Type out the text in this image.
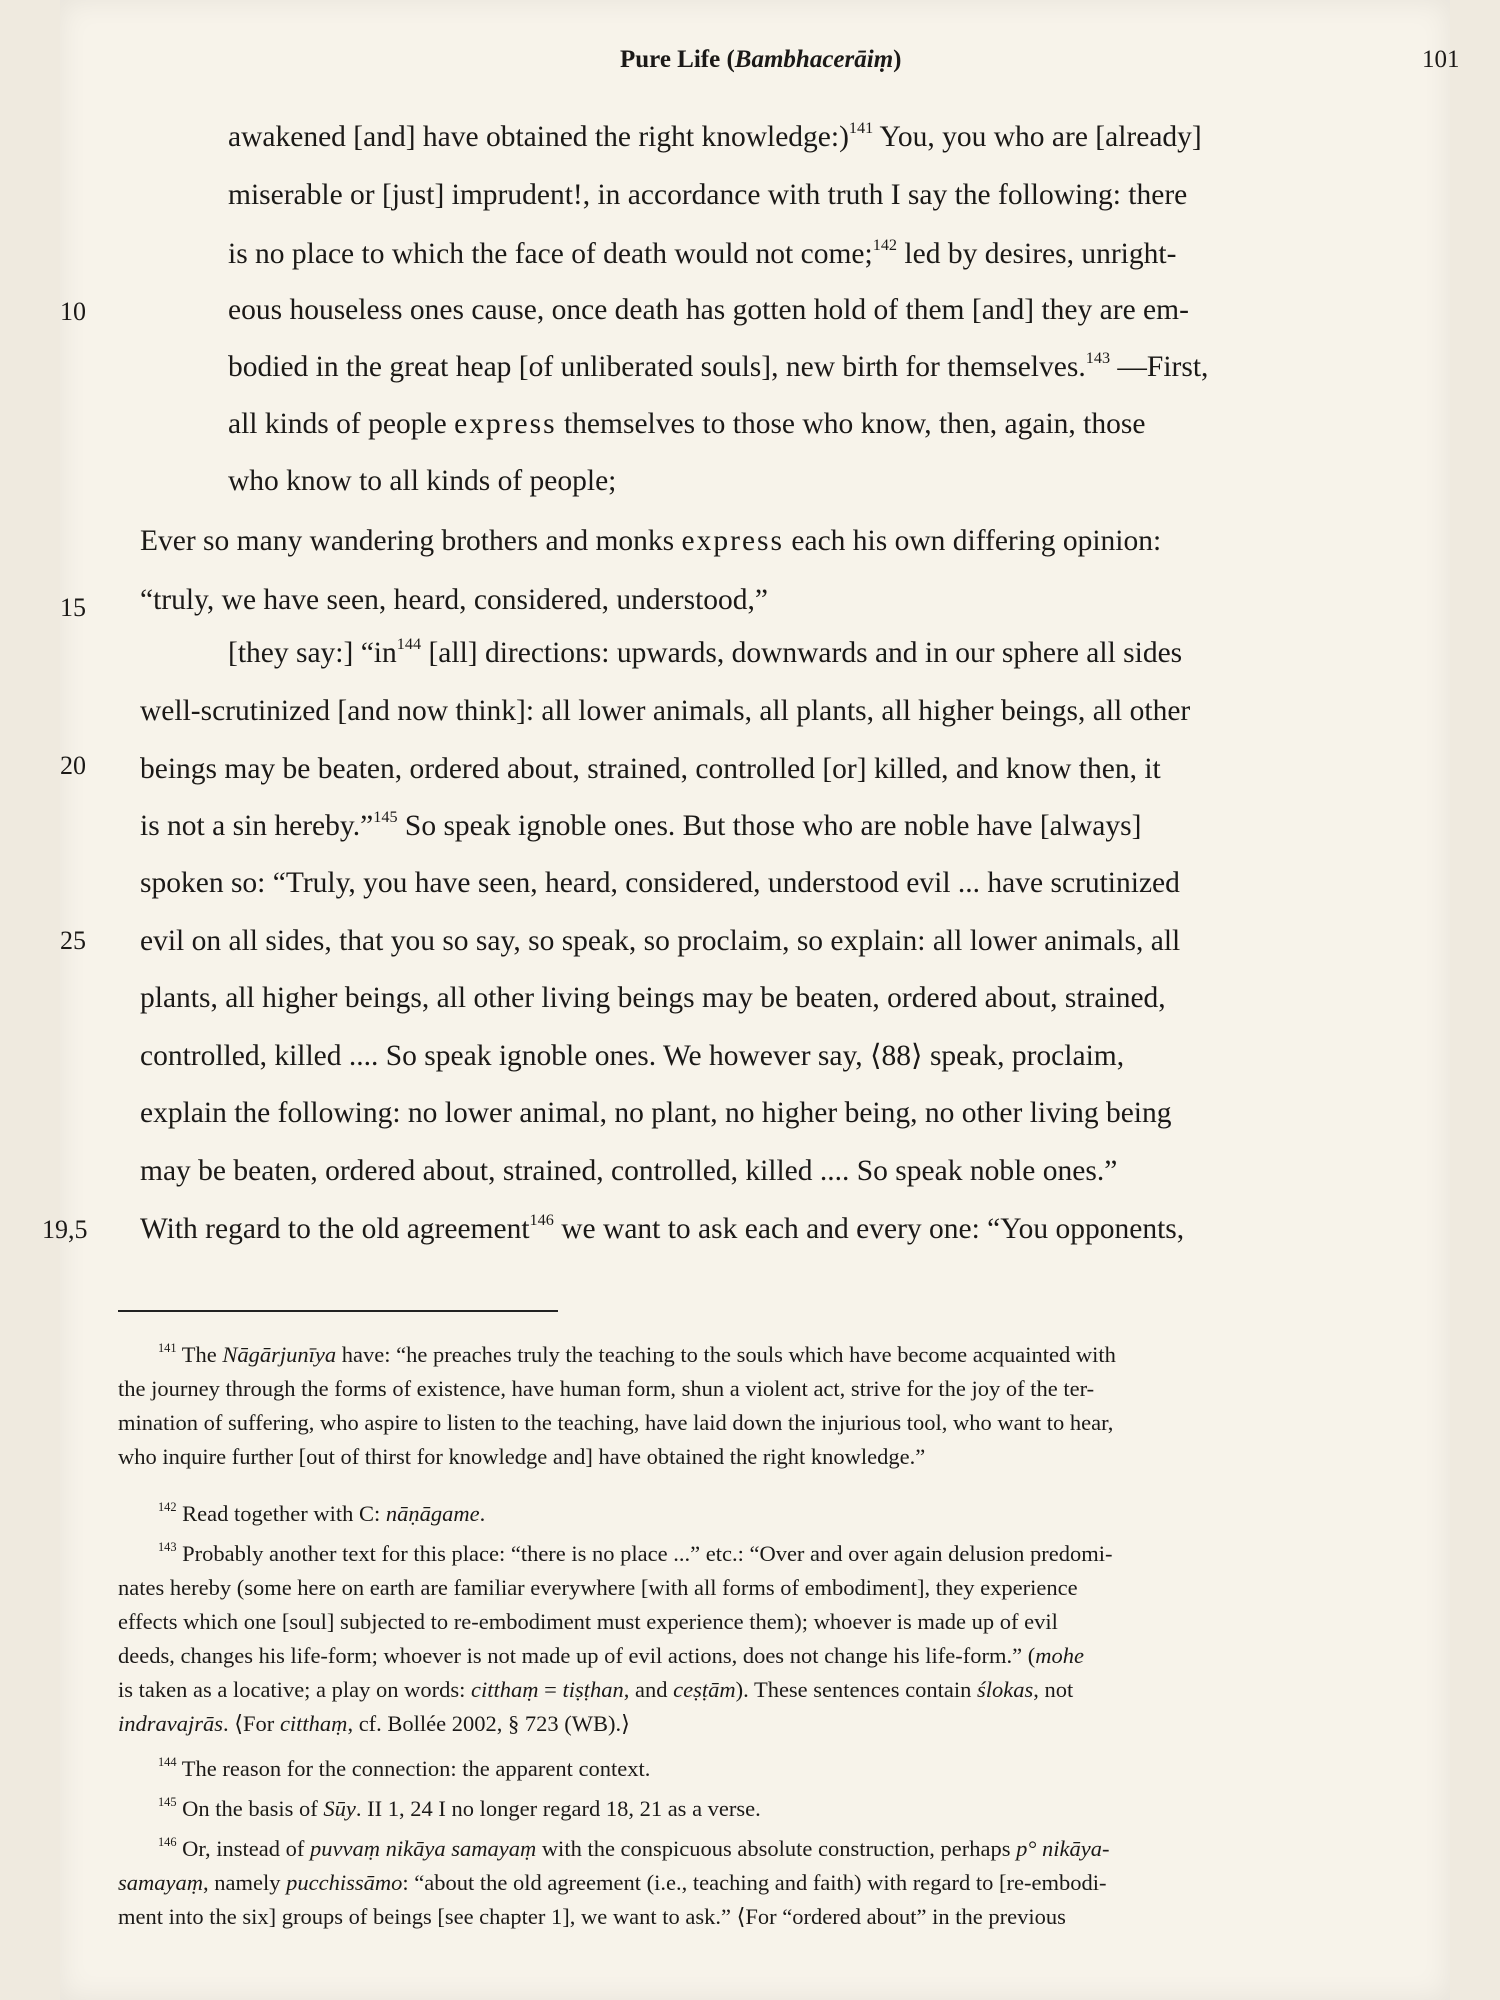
Pure Life (Bambhacerāiṃ)	101
10
15
20
25
19,5
awakened [and] have obtained the right knowledge:)$^{141}$ You, you who are [already]
miserable or [just] imprudent!, in accordance with truth I say the following: there
is no place to which the face of death would not come;$^{142}$ led by desires, unright-
eous houseless ones cause, once death has gotten hold of them [and] they are em-
bodied in the great heap [of unliberated souls], new birth for themselves.$^{143}$ —First,
all kinds of people express themselves to those who know, then, again, those
who know to all kinds of people;
Ever so many wandering brothers and monks express each his own differing opinion:
“truly, we have seen, heard, considered, understood,”
[they say:] “$in^{144}$ [all] directions: upwards, downwards and in our sphere all sides
well-scrutinized [and now think]: all lower animals, all plants, all higher beings, all other
beings may be beaten, ordered about, strained, controlled [or] killed, and know then, it
is not a sin hereby.”$^{145}$ So speak ignoble ones. But those who are noble have [always]
spoken so: “Truly, you have seen, heard, considered, understood evil ... have scrutinized
evil on all sides, that you so say, so speak, so proclaim, so explain: all lower animals, all
plants, all higher beings, all other living beings may be beaten, ordered about, strained,
controlled, killed .... So speak ignoble ones. We however say, ⟨88⟩ speak, proclaim,
explain the following: no lower animal, no plant, no higher being, no other living being
may be beaten, ordered about, strained, controlled, killed .... So speak noble ones.”
With regard to the old agreement$^{146}$ we want to ask each and every one: “You opponents,
$^{141}$ The Nāgārjunīya have: “he preaches truly the teaching to the souls which have become acquainted with
the journey through the forms of existence, have human form, shun a violent act, strive for the joy of the ter-
mination of suffering, who aspire to listen to the teaching, have laid down the injurious tool, who want to hear,
who inquire further [out of thirst for knowledge and] have obtained the right knowledge.”
$^{142}$ Read together with C: nāṇāgame.
$^{143}$ Probably another text for this place: “there is no place ...” etc.: “Over and over again delusion predomi-
nates hereby (some here on earth are familiar everywhere [with all forms of embodiment], they experience
effects which one [soul] subjected to re-embodiment must experience them); whoever is made up of evil
deeds, changes his life-form; whoever is not made up of evil actions, does not change his life-form.” (mohe
is taken as a locative; a play on words: citthaṃ = tiṣṭhan, and ceṣṭām). These sentences contain ślokas, not
indravajrās. ⟨For citthaṃ, cf. Bollée 2002, § 723 (WB).⟩
$^{144}$ The reason for the connection: the apparent context.
$^{145}$ On the basis of Sūy. II 1, 24 I no longer regard 18, 21 as a verse.
$^{146}$ Or, instead of puvvaṃ nikāya samayaṃ with the conspicuous absolute construction, perhaps p° nikāya-
samayaṃ, namely pucchissāmo: “about the old agreement (i.e., teaching and faith) with regard to [re-embodi-
ment into the six] groups of beings [see chapter 1], we want to ask.” ⟨For “ordered about” in the previous
